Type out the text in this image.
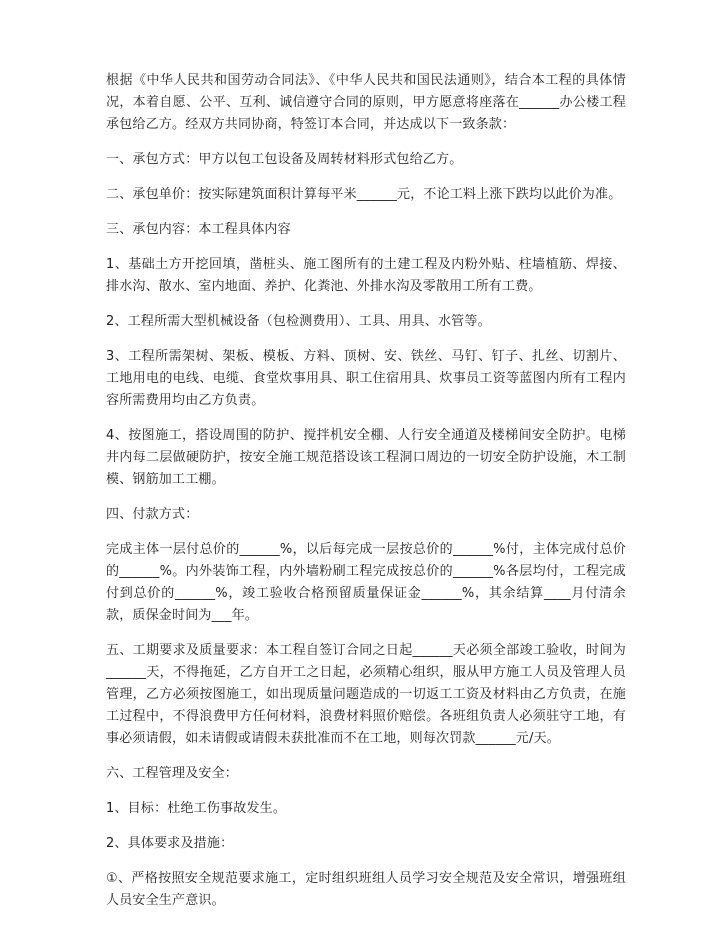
根据《中华人民共和国劳动合同法》、《中华人民共和国民法通则》，结合本工程的具体情况，本着自愿、公平、互利、诚信遵守合同的原则，甲方愿意将座落在______办公楼工程承包给乙方。经双方共同协商，特签订本合同，并达成以下一致条款：

一、承包方式：甲方以包工包设备及周转材料形式包给乙方。

二、承包单价：按实际建筑面积计算每平米______元，不论工料上涨下跌均以此价为准。

三、承包内容：本工程具体内容

1、基础土方开挖回填，凿桩头、施工图所有的土建工程及内粉外贴、柱墙植筋、焊接、排水沟、散水、室内地面、养护、化粪池、外排水沟及零散用工所有工费。

2、工程所需大型机械设备（包检测费用）、工具、用具、水管等。

3、工程所需架树、架板、模板、方料、顶树、安、铁丝、马钉、钉子、扎丝、切割片、工地用电的电线、电缆、食堂炊事用具、职工住宿用具、炊事员工资等蓝图内所有工程内容所需费用均由乙方负责。

4、按图施工，搭设周围的防护、搅拌机安全棚、人行安全通道及楼梯间安全防护。电梯井内每二层做硬防护，按安全施工规范搭设该工程洞口周边的一切安全防护设施，木工制模、钢筋加工工棚。

四、付款方式：

完成主体一层付总价的______%，以后每完成一层按总价的______%付，主体完成付总价的______%。内外装饰工程，内外墙粉刷工程完成按总价的______%各层均付，工程完成付到总价的______%，竣工验收合格预留质量保证金______%，其余结算____月付清余款，质保金时间为___年。

五、工期要求及质量要求：本工程自签订合同之日起______天必须全部竣工验收，时间为______天，不得拖延，乙方自开工之日起，必须精心组织，服从甲方施工人员及管理人员管理，乙方必须按图施工，如出现质量问题造成的一切返工工资及材料由乙方负责，在施工过程中，不得浪费甲方任何材料，浪费材料照价赔偿。各班组负责人必须驻守工地，有事必须请假，如未请假或请假未获批准而不在工地，则每次罚款______元/天。

六、工程管理及安全：

1、目标：杜绝工伤事故发生。

2、具体要求及措施：

①、严格按照安全规范要求施工，定时组织班组人员学习安全规范及安全常识，增强班组人员安全生产意识。
